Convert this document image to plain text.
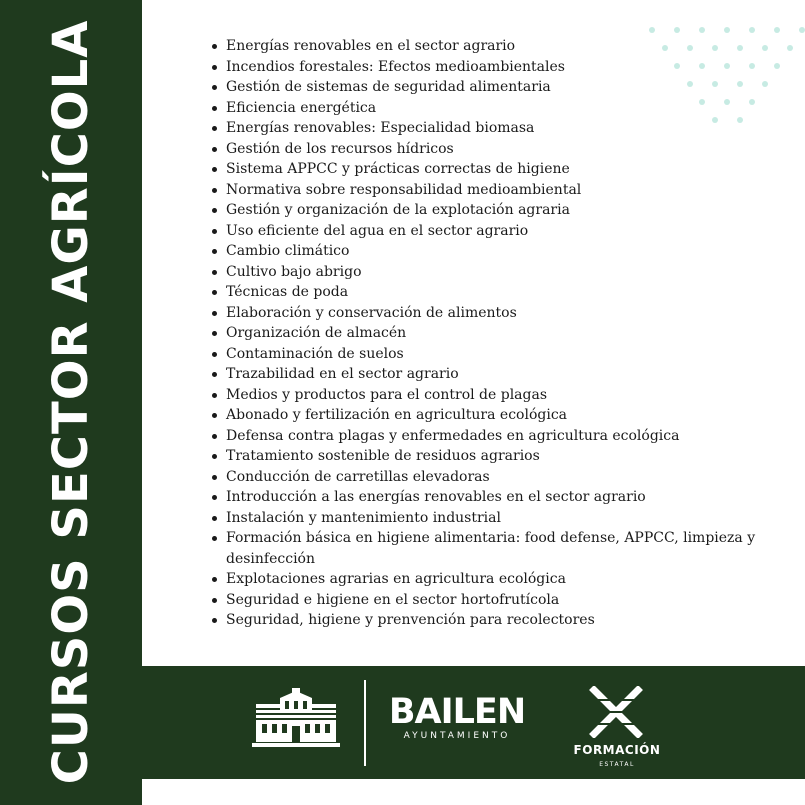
CURSOS SECTOR AGRÍCOLA	Energías renovables en el sector agrario
Incendios forestales: Efectos medioambientales
Gestión de sistemas de seguridad alimentaria
Eficiencia energética
Energías renovables: Especialidad biomasa
Gestión de los recursos hídricos
Sistema APPCC y prácticas correctas de higiene
Normativa sobre responsabilidad medioambiental
Gestión y organización de la explotación agraria
Uso eficiente del agua en el sector agrario
Cambio climático
Cultivo bajo abrigo
Técnicas de poda
Elaboración y conservación de alimentos
Organización de almacén
Contaminación de suelos
Trazabilidad en el sector agrario
Medios y productos para el control de plagas
Abonado y fertilización en agricultura ecológica
Defensa contra plagas y enfermedades en agricultura ecológica
Tratamiento sostenible de residuos agrarios
Conducción de carretillas elevadoras
Introducción a las energías renovables en el sector agrario
Instalación y mantenimiento industrial
Formación básica en higiene alimentaria: food defense, APPCC, limpieza y desinfección
Explotaciones agrarias en agricultura ecológica
Seguridad e higiene en el sector hortofrutícola
Seguridad, higiene y prenvención para recolectores
BAILEN
AYUNTAMIENTO
FORMACIÓN
ESTATAL
